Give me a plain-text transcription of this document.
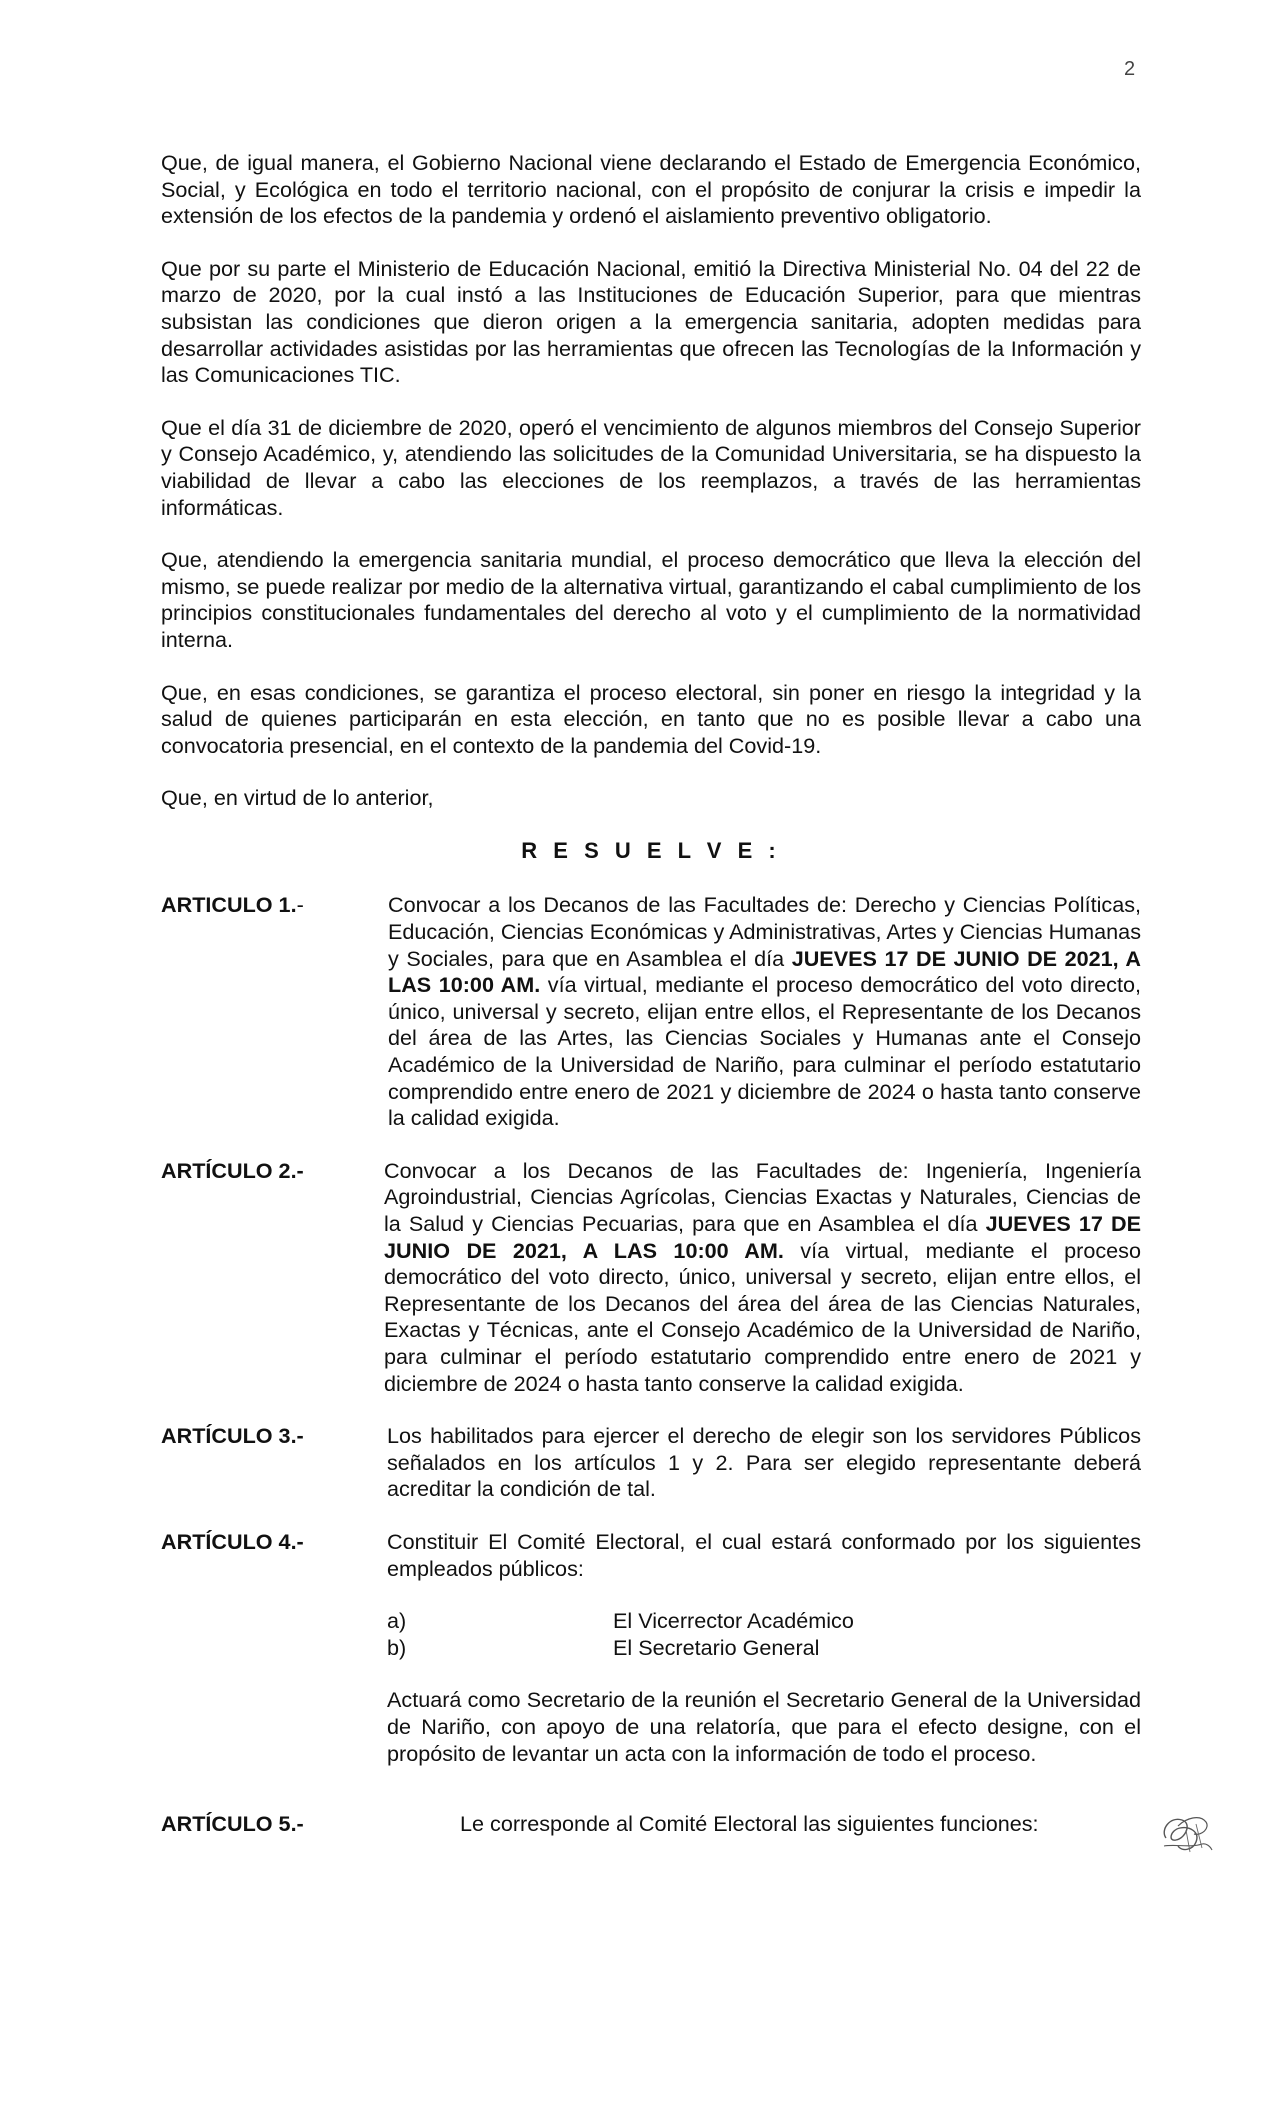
2

Que, de igual manera, el Gobierno Nacional viene declarando el Estado de Emergencia Económico, Social, y Ecológica en todo el territorio nacional, con el propósito de conjurar la crisis e impedir la extensión de los efectos de la pandemia y ordenó el aislamiento preventivo obligatorio.

Que por su parte el Ministerio de Educación Nacional, emitió la Directiva Ministerial No. 04 del 22 de marzo de 2020, por la cual instó a las Instituciones de Educación Superior, para que mientras subsistan las condiciones que dieron origen a la emergencia sanitaria, adopten medidas para desarrollar actividades asistidas por las herramientas que ofrecen las Tecnologías de la Información y las Comunicaciones TIC.

Que el día 31 de diciembre de 2020, operó el vencimiento de algunos miembros del Consejo Superior y Consejo Académico, y, atendiendo las solicitudes de la Comunidad Universitaria, se ha dispuesto la viabilidad de llevar a cabo las elecciones de los reemplazos, a través de las herramientas informáticas.

Que, atendiendo la emergencia sanitaria mundial, el proceso democrático que lleva la elección del mismo, se puede realizar por medio de la alternativa virtual, garantizando el cabal cumplimiento de los principios constitucionales fundamentales del derecho al voto y el cumplimiento de la normatividad interna.

Que, en esas condiciones, se garantiza el proceso electoral, sin poner en riesgo la integridad y la salud de quienes participarán en esta elección, en tanto que no es posible llevar a cabo una convocatoria presencial, en el contexto de la pandemia del Covid-19.

Que, en virtud de lo anterior,

R E S U E L V E :
ARTICULO 1.-	Convocar a los Decanos de las Facultades de: Derecho y Ciencias Políticas, Educación, Ciencias Económicas y Administrativas, Artes y Ciencias Humanas y Sociales, para que en Asamblea el día JUEVES 17 DE JUNIO DE 2021, A LAS 10:00 AM. vía virtual, mediante el proceso democrático del voto directo, único, universal y secreto, elijan entre ellos, el Representante de los Decanos del área de las Artes, las Ciencias Sociales y Humanas ante el Consejo Académico de la Universidad de Nariño, para culminar el período estatutario comprendido entre enero de 2021 y diciembre de 2024 o hasta tanto conserve la calidad exigida.
ARTÍCULO 2.-	Convocar a los Decanos de las Facultades de: Ingeniería, Ingeniería Agroindustrial, Ciencias Agrícolas, Ciencias Exactas y Naturales, Ciencias de la Salud y Ciencias Pecuarias, para que en Asamblea el día JUEVES 17 DE JUNIO DE 2021, A LAS 10:00 AM. vía virtual, mediante el proceso democrático del voto directo, único, universal y secreto, elijan entre ellos, el Representante de los Decanos del área del área de las Ciencias Naturales, Exactas y Técnicas, ante el Consejo Académico de la Universidad de Nariño, para culminar el período estatutario comprendido entre enero de 2021 y diciembre de 2024 o hasta tanto conserve la calidad exigida.
ARTÍCULO 3.-	Los habilitados para ejercer el derecho de elegir son los servidores Públicos señalados en los artículos 1 y 2. Para ser elegido representante deberá acreditar la condición de tal.
ARTÍCULO 4.-	Constituir El Comité Electoral, el cual estará conformado por los siguientes empleados públicos:
a)	El Vicerrector Académico
b)	El Secretario General
Actuará como Secretario de la reunión el Secretario General de la Universidad de Nariño, con apoyo de una relatoría, que para el efecto designe, con el propósito de levantar un acta con la información de todo el proceso.
ARTÍCULO 5.-	Le corresponde al Comité Electoral las siguientes funciones:
